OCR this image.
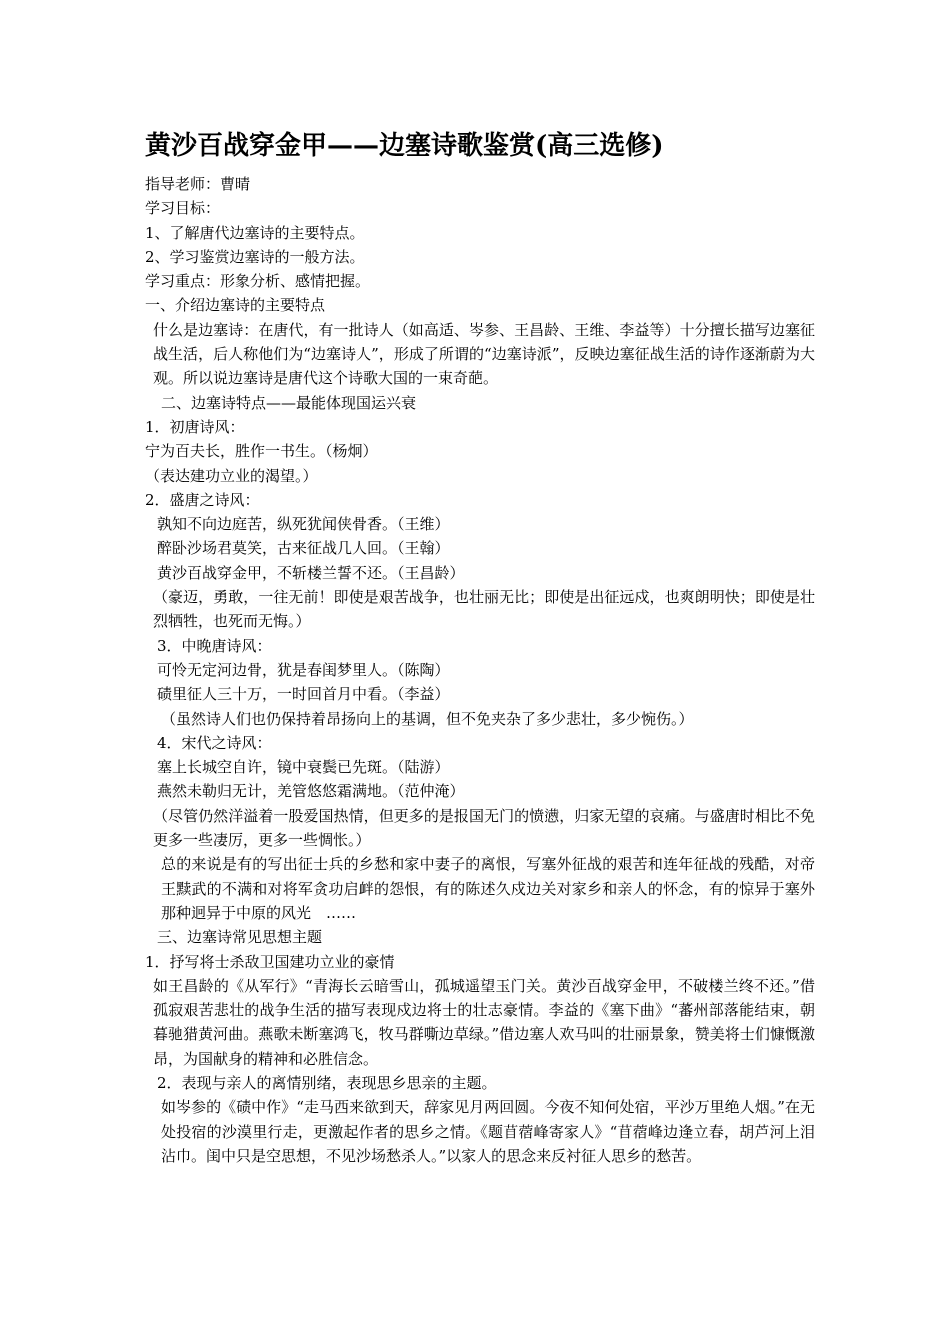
黄沙百战穿金甲——边塞诗歌鉴赏(高三选修)

指导老师：曹晴

学习目标：

1、了解唐代边塞诗的主要特点。

2、学习鉴赏边塞诗的一般方法。

学习重点：形象分析、感情把握。

一、介绍边塞诗的主要特点

什么是边塞诗：在唐代，有一批诗人（如高适、岑参、王昌龄、王维、李益等）十分擅长描写边塞征战生活，后人称他们为“边塞诗人”，形成了所谓的“边塞诗派”，反映边塞征战生活的诗作逐渐蔚为大观。所以说边塞诗是唐代这个诗歌大国的一束奇葩。

二、边塞诗特点——最能体现国运兴衰

1．初唐诗风：

宁为百夫长，胜作一书生。（杨炯）

（表达建功立业的渴望。）

2．盛唐之诗风：

孰知不向边庭苦，纵死犹闻侠骨香。（王维）

醉卧沙场君莫笑，古来征战几人回。（王翰）

黄沙百战穿金甲，不斩楼兰誓不还。（王昌龄）

（豪迈，勇敢，一往无前！即使是艰苦战争，也壮丽无比；即使是出征远戍，也爽朗明快；即使是壮烈牺牲，也死而无悔。）

3．中晚唐诗风：

可怜无定河边骨，犹是春闺梦里人。（陈陶）

碛里征人三十万，一时回首月中看。（李益）

（虽然诗人们也仍保持着昂扬向上的基调，但不免夹杂了多少悲壮，多少惋伤。）

4．宋代之诗风：

塞上长城空自许，镜中衰鬓已先斑。（陆游）

燕然未勒归无计，羌管悠悠霜满地。（范仲淹）

（尽管仍然洋溢着一股爱国热情，但更多的是报国无门的愤懑，归家无望的哀痛。与盛唐时相比不免更多一些凄厉，更多一些惆怅。）

总的来说是有的写出征士兵的乡愁和家中妻子的离恨，写塞外征战的艰苦和连年征战的残酷，对帝王黩武的不满和对将军贪功启衅的怨恨，有的陈述久戍边关对家乡和亲人的怀念，有的惊异于塞外那种迥异于中原的风光　……

三、边塞诗常见思想主题

1．抒写将士杀敌卫国建功立业的豪情

如王昌龄的《从军行》“青海长云暗雪山，孤城遥望玉门关。黄沙百战穿金甲，不破楼兰终不还。”借孤寂艰苦悲壮的战争生活的描写表现戍边将士的壮志豪情。李益的《塞下曲》“蕃州部落能结束，朝暮驰猎黄河曲。燕歌未断塞鸿飞，牧马群嘶边草绿。”借边塞人欢马叫的壮丽景象，赞美将士们慷慨激昂，为国献身的精神和必胜信念。

2．表现与亲人的离情别绪，表现思乡思亲的主题。

如岑参的《碛中作》“走马西来欲到天，辞家见月两回圆。今夜不知何处宿，平沙万里绝人烟。”在无处投宿的沙漠里行走，更激起作者的思乡之情。《题苜蓿峰寄家人》“苜蓿峰边逢立春，胡芦河上泪沾巾。闺中只是空思想，不见沙场愁杀人。”以家人的思念来反衬征人思乡的愁苦。
